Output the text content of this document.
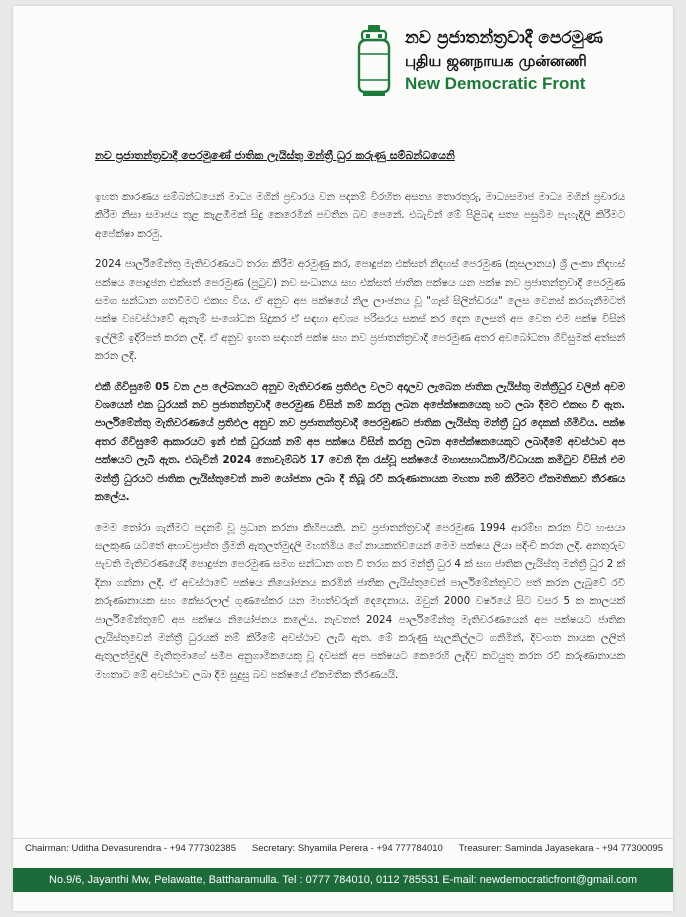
නව ප්‍රජාතන්ත්‍රවාදී පෙරමුණ
புதிய ஜனநாயக முன்னணி
New Democratic Front
නව ප්‍රජාතන්ත්‍රවාදී පෙරමුණේ ජාතික ලැයිස්තු මන්ත්‍රී ධුර කරුණු සම්බන්ධයෙනි

ඉහත කාරණය සම්බන්ධයෙන් මාධ්‍ය මගින් ප්‍රචාරය වන පදනම් විරහිත අසත්‍ය තොරතුරු, මාධ්‍යසමාජ මාධ්‍ය මගින් ප්‍රචාරය කිරීම නිසා සමාජය තුළ කැළඹීමක් සිදු කෙරෙමින් පවතින බව පෙනේ. එබැවින් මේ පිළිබඳ සත්‍ය පසුබිම පැහැදිලි කිරීමට අපේක්ෂා කරමු.

2024 පාර්ලිමේන්තු මැතිවරණයට තරග කිරීම අරමුණු කර, පොදුජන එක්සත් නිදහස් පෙරමුණ (කුසලානය) ශ්‍රී ලංකා නිදහස් පක්ෂය පොදුජන එක්සත් පෙරමුණ (පුටුව) නව සංධානය සහ එක්සත් ජාතික පක්ෂය යන පක්ෂ නව ප්‍රජාතන්ත්‍රවාදී පෙරමුණ සමග සන්ධාන ගතවීමට එකඟ විය. ඒ අනුව අප පක්ෂයේ නිල ලාංඡනය වූ "ගෑස් සිලින්ඩරය" ලෙස වෙනස් කරගැනීමටත් පක්ෂ ව්‍යවස්ථාවේ ඇතැම් සංශෝධන සිදුකර ඒ සඳහා අවශ්‍ය පරිසරය සකස් කර දෙන ලෙසත් අප වෙත එම පක්ෂ විසින් ඉල්ලීම් ඉදිරිපත් කරන ලදී. ඒ අනුව ඉහත සඳහන් පක්ෂ සහ නව ප්‍රජාතන්ත්‍රවාදී පෙරමුණ අතර අවබෝධතා ගිවිසුමක් අත්සන් කරන ලදී.

එකී ගිවිසුමේ 05 වන උප ලේඛනයට අනුව මැතිවරණ ප්‍රතිඵල වලට අදාලව ලැබෙන ජාතික ලැයිස්තු මන්ත්‍රීධුර වලින් අවම වශයෙන් එක ධුරයක් නව ප්‍රජාතන්ත්‍රවාදී පෙරමුණ විසින් නම් කරනු ලබන අපේක්ෂකයෙකු හට ලබා දීමට එකඟ වී ඇත. පාර්ලිමේන්තු මැතිවරණයේ ප්‍රතිඵල අනුව නව ප්‍රජාතන්ත්‍රවාදී පෙරමුණට ජාතික ලැයිස්තු මන්ත්‍රී ධුර දෙකක් හිමිවිය. පක්ෂ අතර ගිවිසුමේ ආකාරයට ඉන් එක් ධුරයක් නම් අප පක්ෂය විසින් කරනු ලබන අපේක්ෂකයෙකුට ලබාදීමේ අවස්ථාව අප පක්ෂයට ලැබී ඇත. එබැවින් 2024 නොවැම්බර් 17 වෙනි දින රැස්වූ පක්ෂයේ මහාසභාධිකාරී/විධායක කමිටුව විසින් එම මන්ත්‍රී ධුරයට ජාතික ලැයිස්තුවෙන් නාම යෝජනා ලබා දී තිබූ රවී කරුණානායක මහතා නම් කිරීමට ඒකමතිකව තීරණය කලේය.

මෙම තෝරා ගැනීමට පදනම් වූ ප්‍රධාන කරනා කිහිපයකි. නව ප්‍රජාතන්ත්‍රවාදී පෙරමුණ 1994 ආරම්භ කරන විට හංසයා සලකුණ යටතේ අභාවප්‍රාප්ත ශ්‍රීමනි ඇතුලත්මුදලි මහත්මිය ගේ නායකත්වයෙන් මෙම පක්ෂය ලියා පදිංචි කරන ලදී. අනතුරුව පැවති මැතිවරණයේදී පොදුජන පෙරමුණ සමග සන්ධාන ගත වී තරග කර මන්ත්‍රී ධුර 4 ක් සහ ජාතික ලැයිස්තු මන්ත්‍රී ධුර 2 ක් දිනා ගන්නා ලදී. ඒ අවස්ථාවේ පක්ෂය නියෝජනය කරමින් ජාතික ලැයිස්තුවෙන් පාර්ලිමේන්තුවට පත් කරන ලැබුවේ රවී කරුණානායක සහ කේසරලාල් ගුණසේකර යන මහත්වරුන් දෙදෙනාය. ඔවුන් 2000 වර්ෂයේ සිට වසර 5 ක කාලයක් පාර්ලිමේන්තුවේ අප පක්ෂය නියෝජනය කලේය. නැවතත් 2024 පාර්ලිමේන්තු මැතිවරණයෙන් අප පක්ෂයට ජාතික ලැයිස්තුවෙන් මන්ත්‍රී ධුරයක් නම් කිරීමේ අවස්ථාව ලැබී ඇත. මේ කරුණු සැලකිල්ලට ගනිමින්, දිවංගත නායක ලලිත් ඇතුලත්මුදලි මැතිතුමාගේ සමීප අනුගාමිකයෙකු වූ දවසක් අප පක්ෂයට කෙරෙහි ලැදිව කටයුතු කරන රවී කරුණානායක මහතාට මේ අවස්ථාව ලබා දීම සුදුසු බව පක්ෂයේ ඒකමතික තීරණයයි.

Chairman: Uditha Devasurendra - +94 777302385 Secretary: Shyamila Perera - +94 777784010 Treasurer: Saminda Jayasekara - +94 77300095
No.9/6, Jayanthi Mw, Pelawatte, Battharamulla. Tel : 0777 784010, 0112 785531 E-mail: newdemocraticfront@gmail.com
